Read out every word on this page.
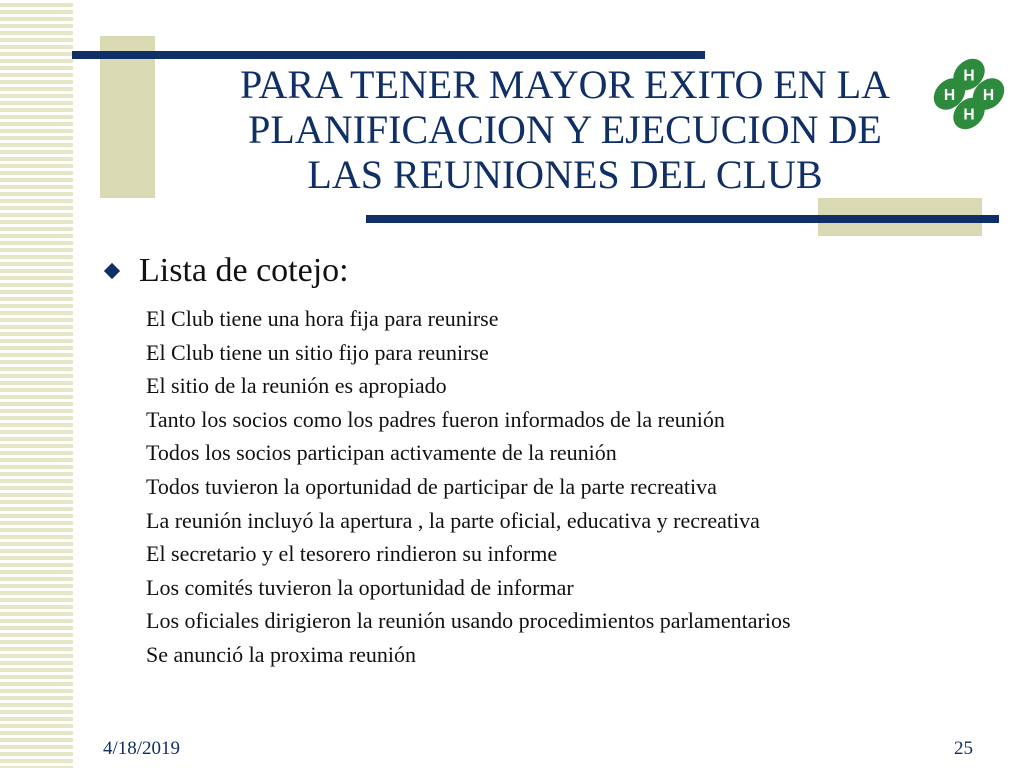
PARA TENER MAYOR EXITO EN LA
PLANIFICACION Y EJECUCION DE
LAS REUNIONES DEL CLUB
H
H
H
H
Lista de cotejo:
El Club tiene una hora fija para reunirse
El Club tiene un sitio fijo para reunirse
El sitio de la reunión es apropiado
Tanto los socios como los padres fueron informados de la reunión
Todos los socios participan activamente de la reunión
Todos tuvieron la oportunidad de participar de la parte recreativa
La reunión incluyó la apertura , la parte oficial, educativa y recreativa
El secretario y el tesorero rindieron su informe
Los comités tuvieron la oportunidad de informar
Los oficiales dirigieron la reunión usando procedimientos parlamentarios
Se anunció la proxima reunión
4/18/2019	25
